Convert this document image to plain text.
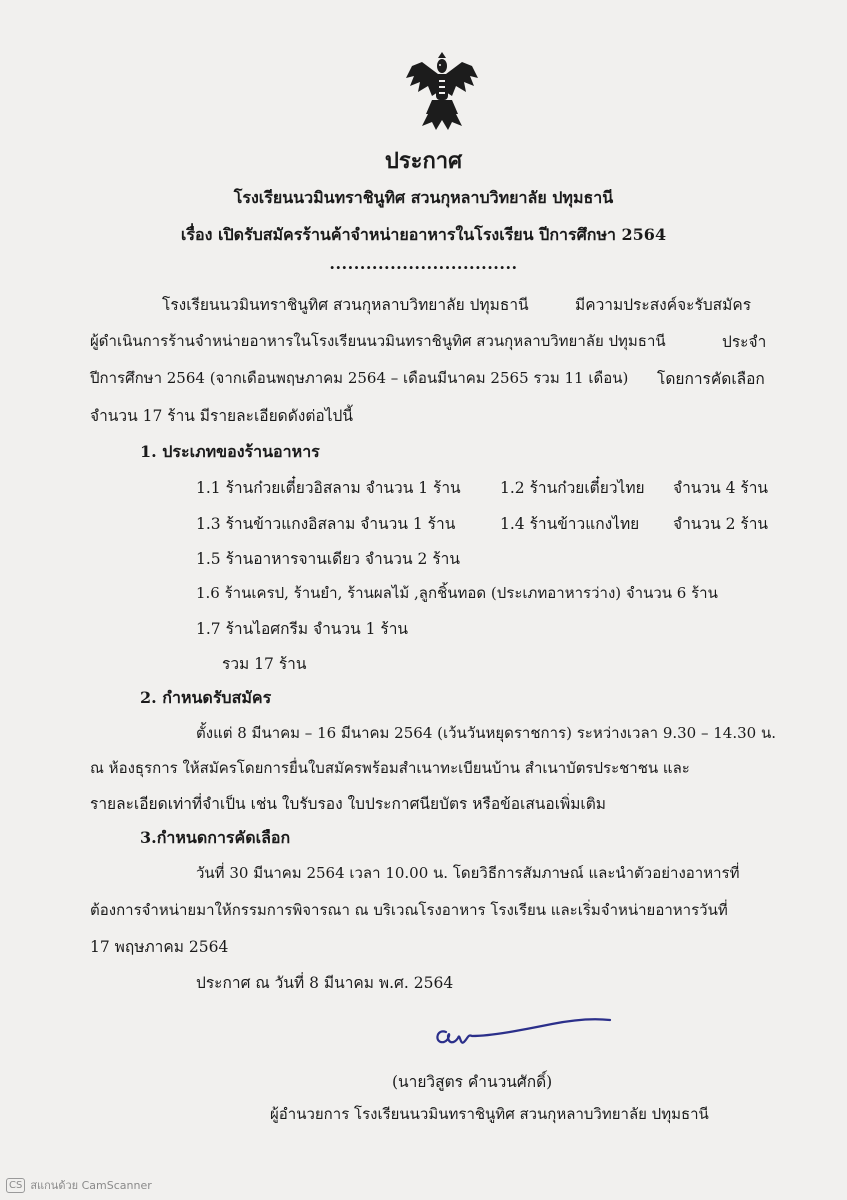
ประกาศ
โรงเรียนนวมินทราชินูทิศ สวนกุหลาบวิทยาลัย ปทุมธานี
เรื่อง เปิดรับสมัครร้านค้าจำหน่ายอาหารในโรงเรียน ปีการศึกษา 2564
...............................
โรงเรียนนวมินทราชินูทิศ สวนกุหลาบวิทยาลัย ปทุมธานี	มีความประสงค์จะรับสมัคร
ผู้ดำเนินการร้านจำหน่ายอาหารในโรงเรียนนวมินทราชินูทิศ สวนกุหลาบวิทยาลัย ปทุมธานี	ประจำ
ปีการศึกษา 2564 (จากเดือนพฤษภาคม 2564 – เดือนมีนาคม 2565 รวม 11 เดือน) โดยการคัดเลือก
จำนวน 17 ร้าน มีรายละเอียดดังต่อไปนี้
1. ประเภทของร้านอาหาร
1.1 ร้านก๋วยเตี๋ยวอิสลาม จำนวน 1 ร้าน	1.2 ร้านก๋วยเตี๋ยวไทย จำนวน 4 ร้าน
1.3 ร้านข้าวแกงอิสลาม จำนวน 1 ร้าน	1.4 ร้านข้าวแกงไทย จำนวน 2 ร้าน
1.5 ร้านอาหารจานเดียว จำนวน 2 ร้าน
1.6 ร้านเครป, ร้านยำ, ร้านผลไม้ ,ลูกชิ้นทอด (ประเภทอาหารว่าง) จำนวน 6 ร้าน
1.7 ร้านไอศกรีม จำนวน 1 ร้าน
รวม 17 ร้าน
2. กำหนดรับสมัคร
ตั้งแต่ 8 มีนาคม – 16 มีนาคม 2564 (เว้นวันหยุดราชการ) ระหว่างเวลา 9.30 – 14.30 น.
ณ ห้องธุรการ ให้สมัครโดยการยื่นใบสมัครพร้อมสำเนาทะเบียนบ้าน สำเนาบัตรประชาชน และ
รายละเอียดเท่าที่จำเป็น เช่น ใบรับรอง ใบประกาศนียบัตร หรือข้อเสนอเพิ่มเติม
3.กำหนดการคัดเลือก
วันที่ 30 มีนาคม 2564 เวลา 10.00 น. โดยวิธีการสัมภาษณ์ และนำตัวอย่างอาหารที่
ต้องการจำหน่ายมาให้กรรมการพิจารณา ณ บริเวณโรงอาหาร โรงเรียน และเริ่มจำหน่ายอาหารวันที่
17 พฤษภาคม 2564
ประกาศ ณ วันที่ 8 มีนาคม พ.ศ. 2564
(นายวิสูตร คำนวนศักดิ์)
ผู้อำนวยการ โรงเรียนนวมินทราชินูทิศ สวนกุหลาบวิทยาลัย ปทุมธานี
CS สแกนด้วย CamScanner
